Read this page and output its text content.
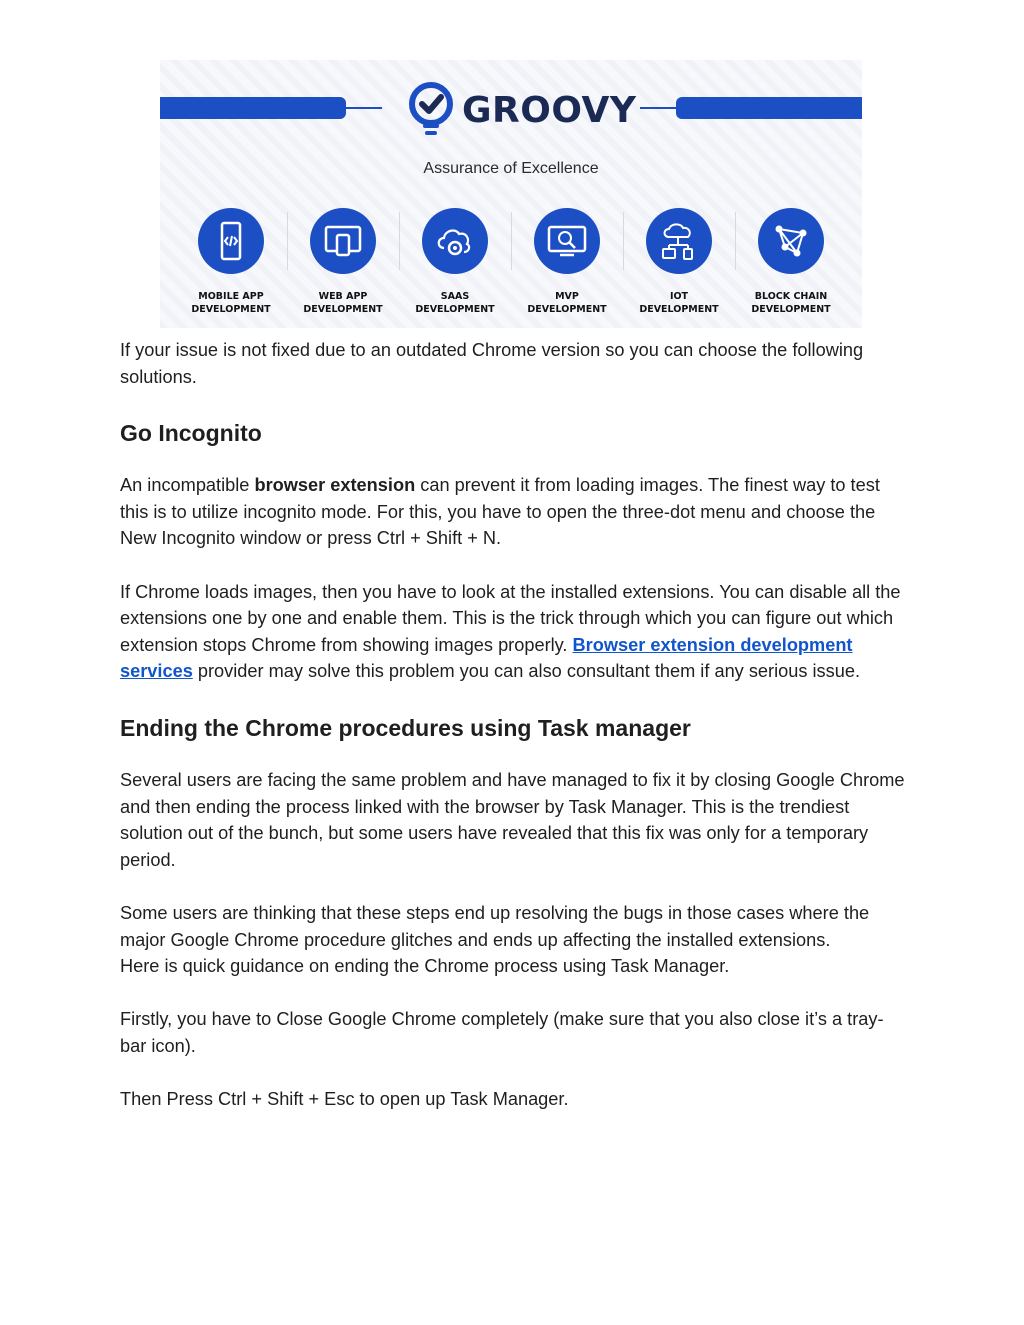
GROOVY
Assurance of Excellence
MOBILE APP
DEVELOPMENT
WEB APP
DEVELOPMENT
SAAS
DEVELOPMENT
MVP
DEVELOPMENT
IOT
DEVELOPMENT
BLOCK CHAIN
DEVELOPMENT

If your issue is not fixed due to an outdated Chrome version so you can choose the following solutions.

Go Incognito

An incompatible browser extension can prevent it from loading images. The finest way to test this is to utilize incognito mode. For this, you have to open the three-dot menu and choose the New Incognito window or press Ctrl + Shift + N.

If Chrome loads images, then you have to look at the installed extensions. You can disable all the extensions one by one and enable them. This is the trick through which you can figure out which extension stops Chrome from showing images properly. Browser extension development services provider may solve this problem you can also consultant them if any serious issue.

Ending the Chrome procedures using Task manager

Several users are facing the same problem and have managed to fix it by closing Google Chrome and then ending the process linked with the browser by Task Manager. This is the trendiest solution out of the bunch, but some users have revealed that this fix was only for a temporary period.

Some users are thinking that these steps end up resolving the bugs in those cases where the major Google Chrome procedure glitches and ends up affecting the installed extensions.

Here is quick guidance on ending the Chrome process using Task Manager.

Firstly, you have to Close Google Chrome completely (make sure that you also close it’s a tray-bar icon).

Then Press Ctrl + Shift + Esc to open up Task Manager.
